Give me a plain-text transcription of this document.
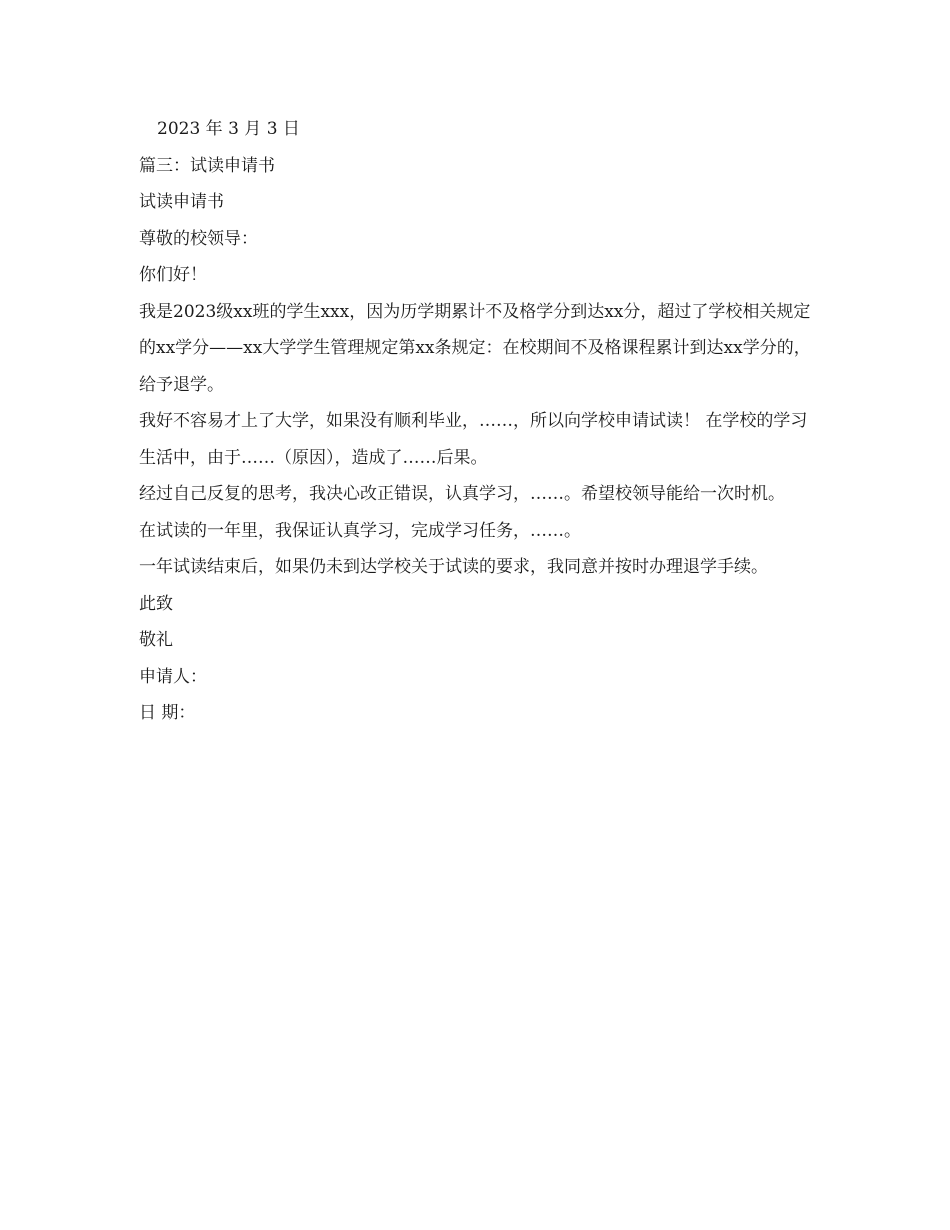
2023 年 3 月 3 日

篇三：试读申请书

试读申请书

尊敬的校领导：

你们好！

我是2023级xx班的学生xxx，因为历学期累计不及格学分到达xx分，超过了学校相关规定的xx学分——xx大学学生管理规定第xx条规定：在校期间不及格课程累计到达xx学分的，给予退学。

我好不容易才上了大学，如果没有顺利毕业，……，所以向学校申请试读！ 在学校的学习生活中，由于……（原因），造成了……后果。

经过自己反复的思考，我决心改正错误，认真学习，……。希望校领导能给一次时机。

在试读的一年里，我保证认真学习，完成学习任务，……。

一年试读结束后，如果仍未到达学校关于试读的要求，我同意并按时办理退学手续。

此致

敬礼

申请人：

日 期：
